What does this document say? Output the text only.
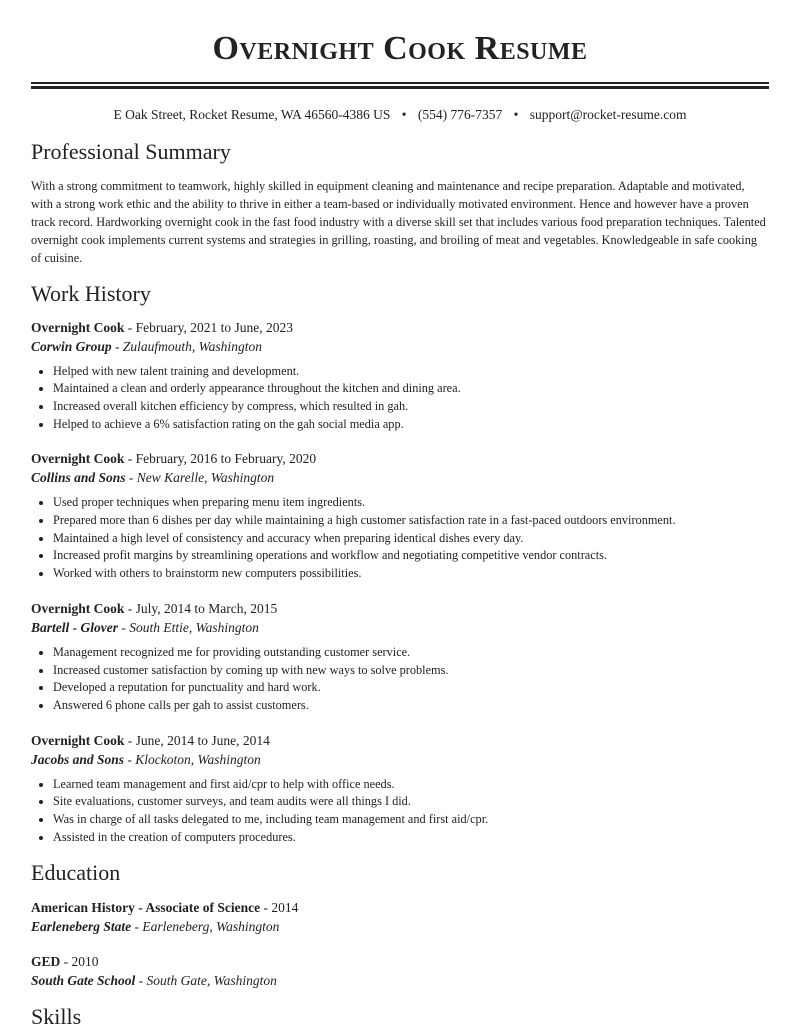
Overnight Cook Resume
E Oak Street, Rocket Resume, WA 46560-4386 US • (554) 776-7357 • support@rocket-resume.com
Professional Summary
With a strong commitment to teamwork, highly skilled in equipment cleaning and maintenance and recipe preparation. Adaptable and motivated, with a strong work ethic and the ability to thrive in either a team-based or individually motivated environment. Hence and however have a proven track record. Hardworking overnight cook in the fast food industry with a diverse skill set that includes various food preparation techniques. Talented overnight cook implements current systems and strategies in grilling, roasting, and broiling of meat and vegetables. Knowledgeable in safe cooking of cuisine.
Work History
Overnight Cook - February, 2021 to June, 2023
Corwin Group - Zulaufmouth, Washington
• Helped with new talent training and development.
• Maintained a clean and orderly appearance throughout the kitchen and dining area.
• Increased overall kitchen efficiency by compress, which resulted in gah.
• Helped to achieve a 6% satisfaction rating on the gah social media app.
Overnight Cook - February, 2016 to February, 2020
Collins and Sons - New Karelle, Washington
• Used proper techniques when preparing menu item ingredients.
• Prepared more than 6 dishes per day while maintaining a high customer satisfaction rate in a fast-paced outdoors environment.
• Maintained a high level of consistency and accuracy when preparing identical dishes every day.
• Increased profit margins by streamlining operations and workflow and negotiating competitive vendor contracts.
• Worked with others to brainstorm new computers possibilities.
Overnight Cook - July, 2014 to March, 2015
Bartell - Glover - South Ettie, Washington
• Management recognized me for providing outstanding customer service.
• Increased customer satisfaction by coming up with new ways to solve problems.
• Developed a reputation for punctuality and hard work.
• Answered 6 phone calls per gah to assist customers.
Overnight Cook - June, 2014 to June, 2014
Jacobs and Sons - Klockoton, Washington
• Learned team management and first aid/cpr to help with office needs.
• Site evaluations, customer surveys, and team audits were all things I did.
• Was in charge of all tasks delegated to me, including team management and first aid/cpr.
• Assisted in the creation of computers procedures.
Education
American History - Associate of Science - 2014
Earleneberg State - Earleneberg, Washington
GED - 2010
South Gate School - South Gate, Washington
Skills
